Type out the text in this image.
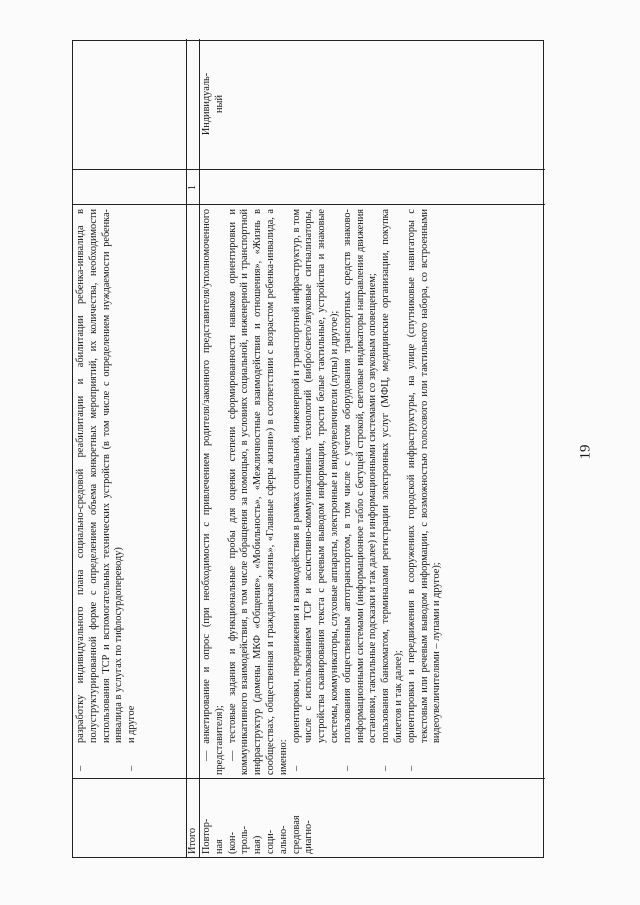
19
–
разработку индивидуального плана социально-средовой реабилитации и абилитации ребенка-инвалида в полуструктурированной форме с определением объема конкретных мероприятий, их количества, необходимости использования ТСР и вспомогательных технических устройств (в том числе с определением нуждаемости ребенка-инвалида в услугах по тифлосурдопереводу)
–
и другое
Итого
1
Повтор- ная (кон- троль- ная) соци- ально- средовая диагно-

— анкетирование и опрос (при необходимости с привлечением родителя/законного представителя/уполномоченного представителя); — тестовые задания и функциональные пробы для оценки степени сформированности навыков ориентировки и коммуникативного взаимодействия, в том числе обращения за помощью, в условиях социальной, инженерной и транспортной инфраструктур (домены МКФ «Общение», «Мобильность», «Межличностные взаимодействия и отношения», «Жизнь в сообществах, общественная и гражданская жизнь», «Главные сферы жизни») в соответствии с возрастом ребенка-инвалида, а именно: –
ориентировки, передвижения и взаимодействия в рамках социальной, инженерной и транспортной инфраструктур, в том числе с использованием ТСР и ассистивно-коммуникативных технологий (вибро/свето/звуковые сигнализаторы, устройства сканирования текста с речевым выводом информации, трости белые тактильные, устройства и знаковые системы, коммуникаторы, слуховые аппараты, электронные и видеоувеличители (лупы) и другое);
–
пользования общественным автотранспортом, в том числе с учетом оборудования транспортных средств знаково-информационными системами (информационное табло с бегущей строкой, световые индикаторы направления движения остановки, тактильные подсказки и так далее) и информационными системами со звуковым оповещением;
–
пользования банкоматом, терминалами регистрации электронных услуг (МФЦ, медицинские организации, покупка билетов и так далее);
–
ориентировки и передвижения в сооружениях городской инфраструктуры, на улице (спутниковые навигаторы с текстовым или речевым выводом информации, с возможностью голосового или тактильного набора, со встроенными видеоувеличителями – лупами и другое);
Индивидуаль- ный
